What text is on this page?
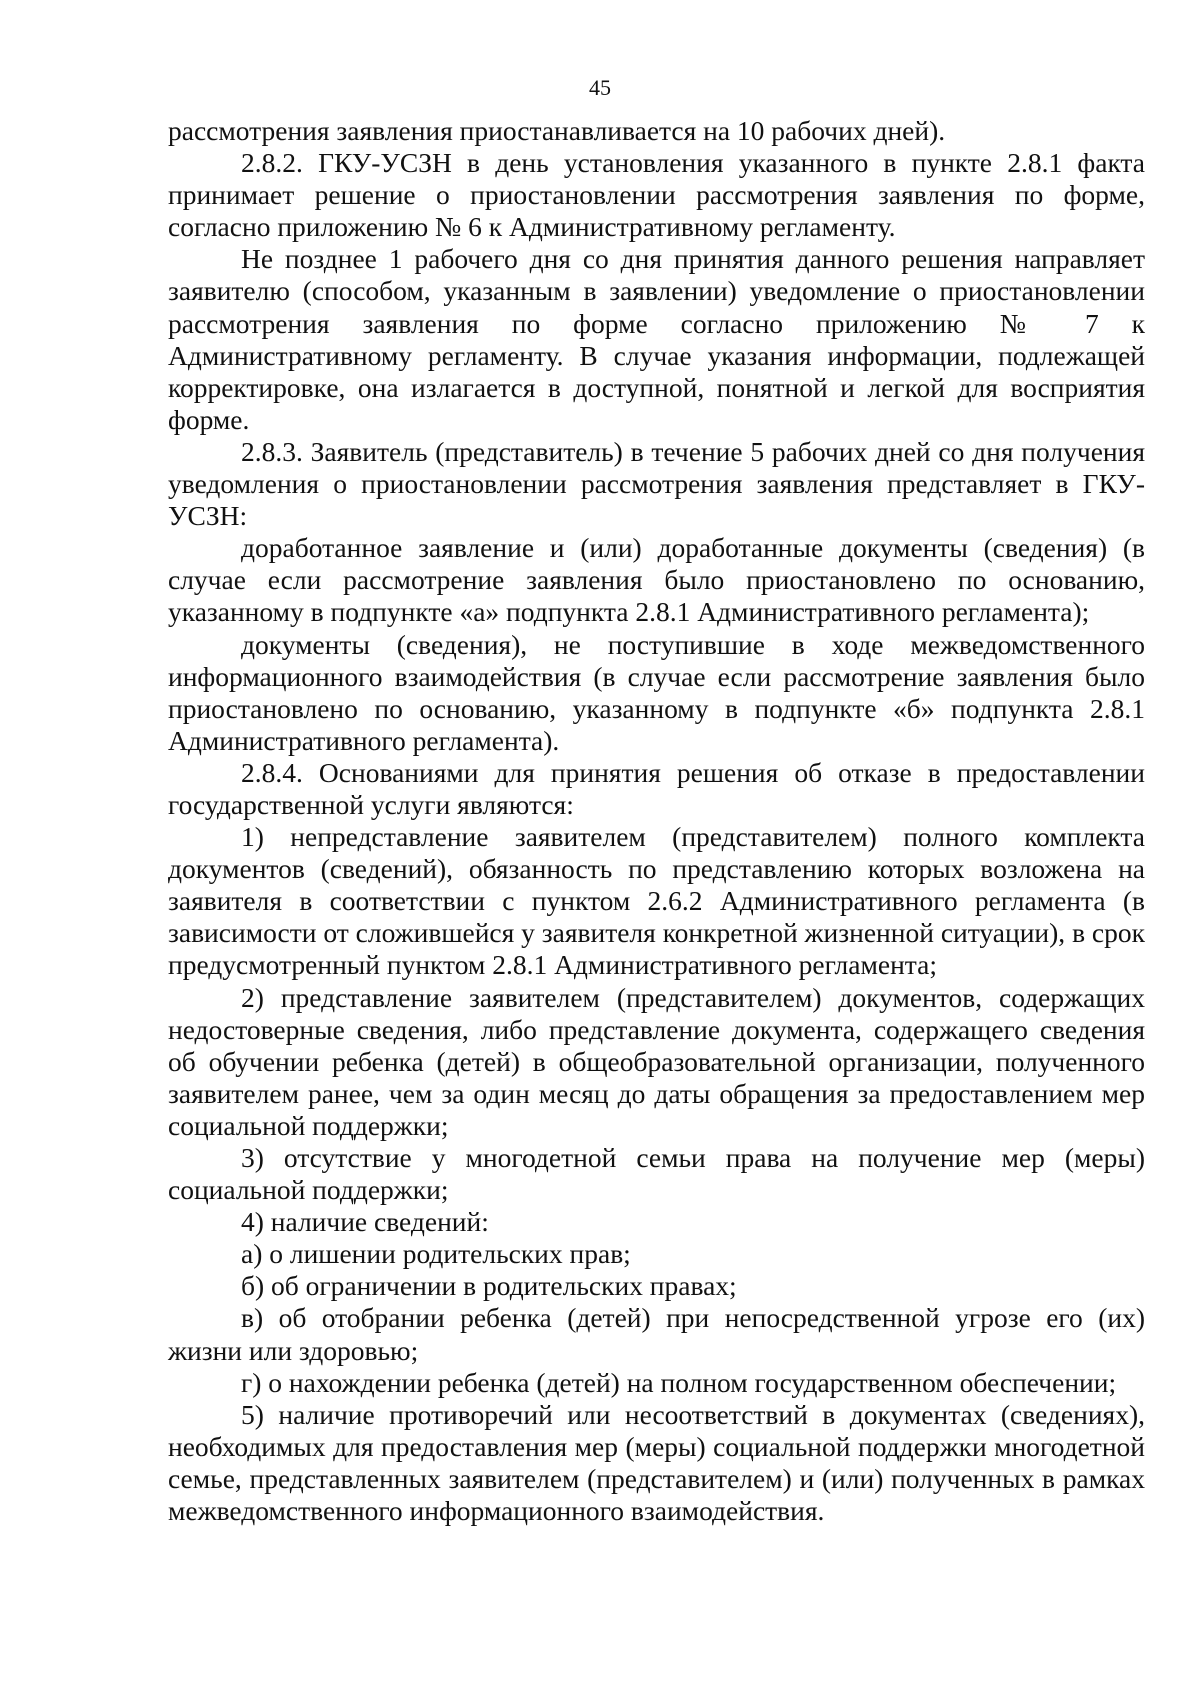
45

рассмотрения заявления приостанавливается на 10 рабочих дней).

2.8.2. ГКУ-УСЗН в день установления указанного в пункте 2.8.1 факта принимает решение о приостановлении рассмотрения заявления по форме, согласно приложению № 6 к Административному регламенту.

Не позднее 1 рабочего дня со дня принятия данного решения направляет заявителю (способом, указанным в заявлении) уведомление о приостановлении рассмотрения заявления по форме согласно приложению № 7 к Административному регламенту. В случае указания информации, подлежащей корректировке, она излагается в доступной, понятной и легкой для восприятия форме.

2.8.3. Заявитель (представитель) в течение 5 рабочих дней со дня получения уведомления о приостановлении рассмотрения заявления представляет в ГКУ-УСЗН:

доработанное заявление и (или) доработанные документы (сведения) (в случае если рассмотрение заявления было приостановлено по основанию, указанному в подпункте «а» подпункта 2.8.1 Административного регламента);

документы (сведения), не поступившие в ходе межведомственного информационного взаимодействия (в случае если рассмотрение заявления было приостановлено по основанию, указанному в подпункте «б» подпункта 2.8.1 Административного регламента).

2.8.4. Основаниями для принятия решения об отказе в предоставлении государственной услуги являются:

1) непредставление заявителем (представителем) полного комплекта документов (сведений), обязанность по представлению которых возложена на заявителя в соответствии с пунктом 2.6.2 Административного регламента (в зависимости от сложившейся у заявителя конкретной жизненной ситуации), в срок предусмотренный пунктом 2.8.1 Административного регламента;

2) представление заявителем (представителем) документов, содержащих недостоверные сведения, либо представление документа, содержащего сведения об обучении ребенка (детей) в общеобразовательной организации, полученного заявителем ранее, чем за один месяц до даты обращения за предоставлением мер социальной поддержки;

3) отсутствие у многодетной семьи права на получение мер (меры) социальной поддержки;

4) наличие сведений:

а) о лишении родительских прав;

б) об ограничении в родительских правах;

в) об отобрании ребенка (детей) при непосредственной угрозе его (их) жизни или здоровью;

г) о нахождении ребенка (детей) на полном государственном обеспечении;

5) наличие противоречий или несоответствий в документах (сведениях), необходимых для предоставления мер (меры) социальной поддержки многодетной семье, представленных заявителем (представителем) и (или) полученных в рамках межведомственного информационного взаимодействия.
